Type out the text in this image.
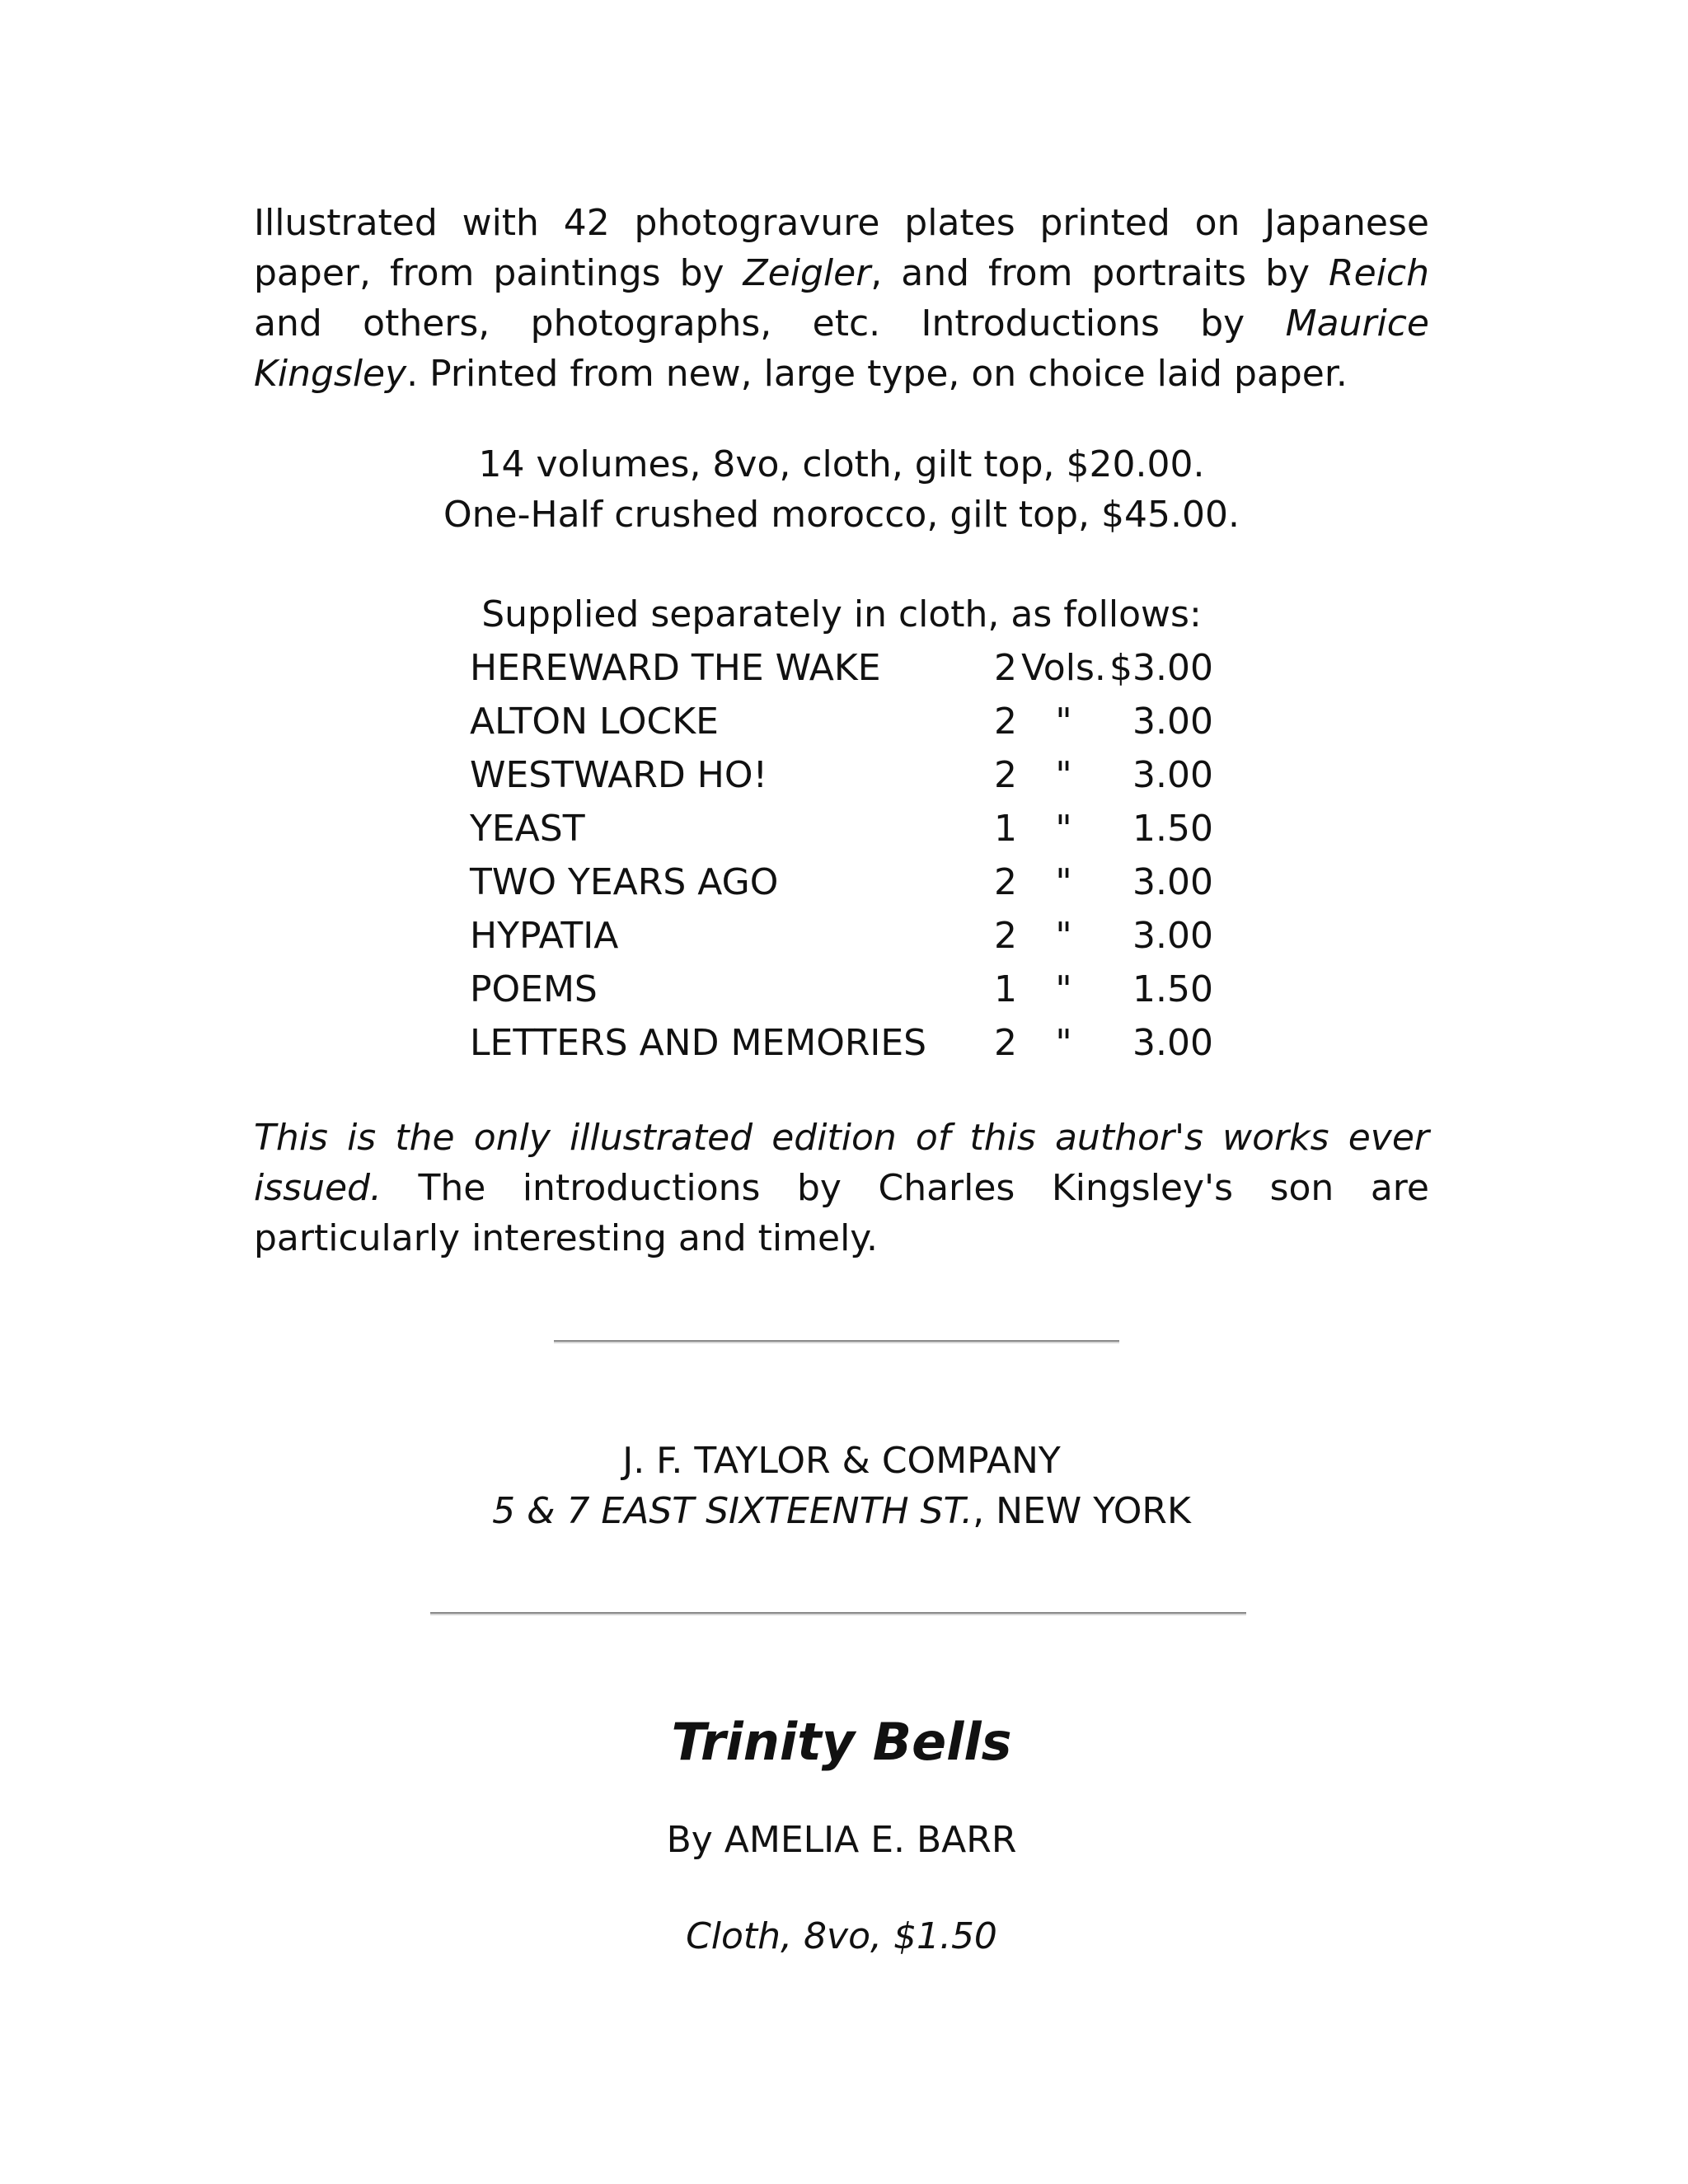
Illustrated with 42 photogravure plates printed on Japanese
paper, from paintings by Zeigler, and from portraits by Reich
and others, photographs, etc. Introductions by Maurice
Kingsley. Printed from new, large type, on choice laid paper.

14 volumes, 8vo, cloth, gilt top, $20.00.

One-Half crushed morocco, gilt top, $45.00.

Supplied separately in cloth, as follows:

HEREWARD THE WAKE	2	Vols.	$3.00
ALTON LOCKE	2	"	3.00
WESTWARD HO!	2	"	3.00
YEAST	1	"	1.50
TWO YEARS AGO	2	"	3.00
HYPATIA	2	"	3.00
POEMS	1	"	1.50
LETTERS AND MEMORIES	2	"	3.00

This is the only illustrated edition of this author's works ever
issued. The introductions by Charles Kingsley's son are
particularly interesting and timely.

J. F. TAYLOR & COMPANY

5 & 7 EAST SIXTEENTH ST., NEW YORK

Trinity Bells

By AMELIA E. BARR

Cloth, 8vo, $1.50
